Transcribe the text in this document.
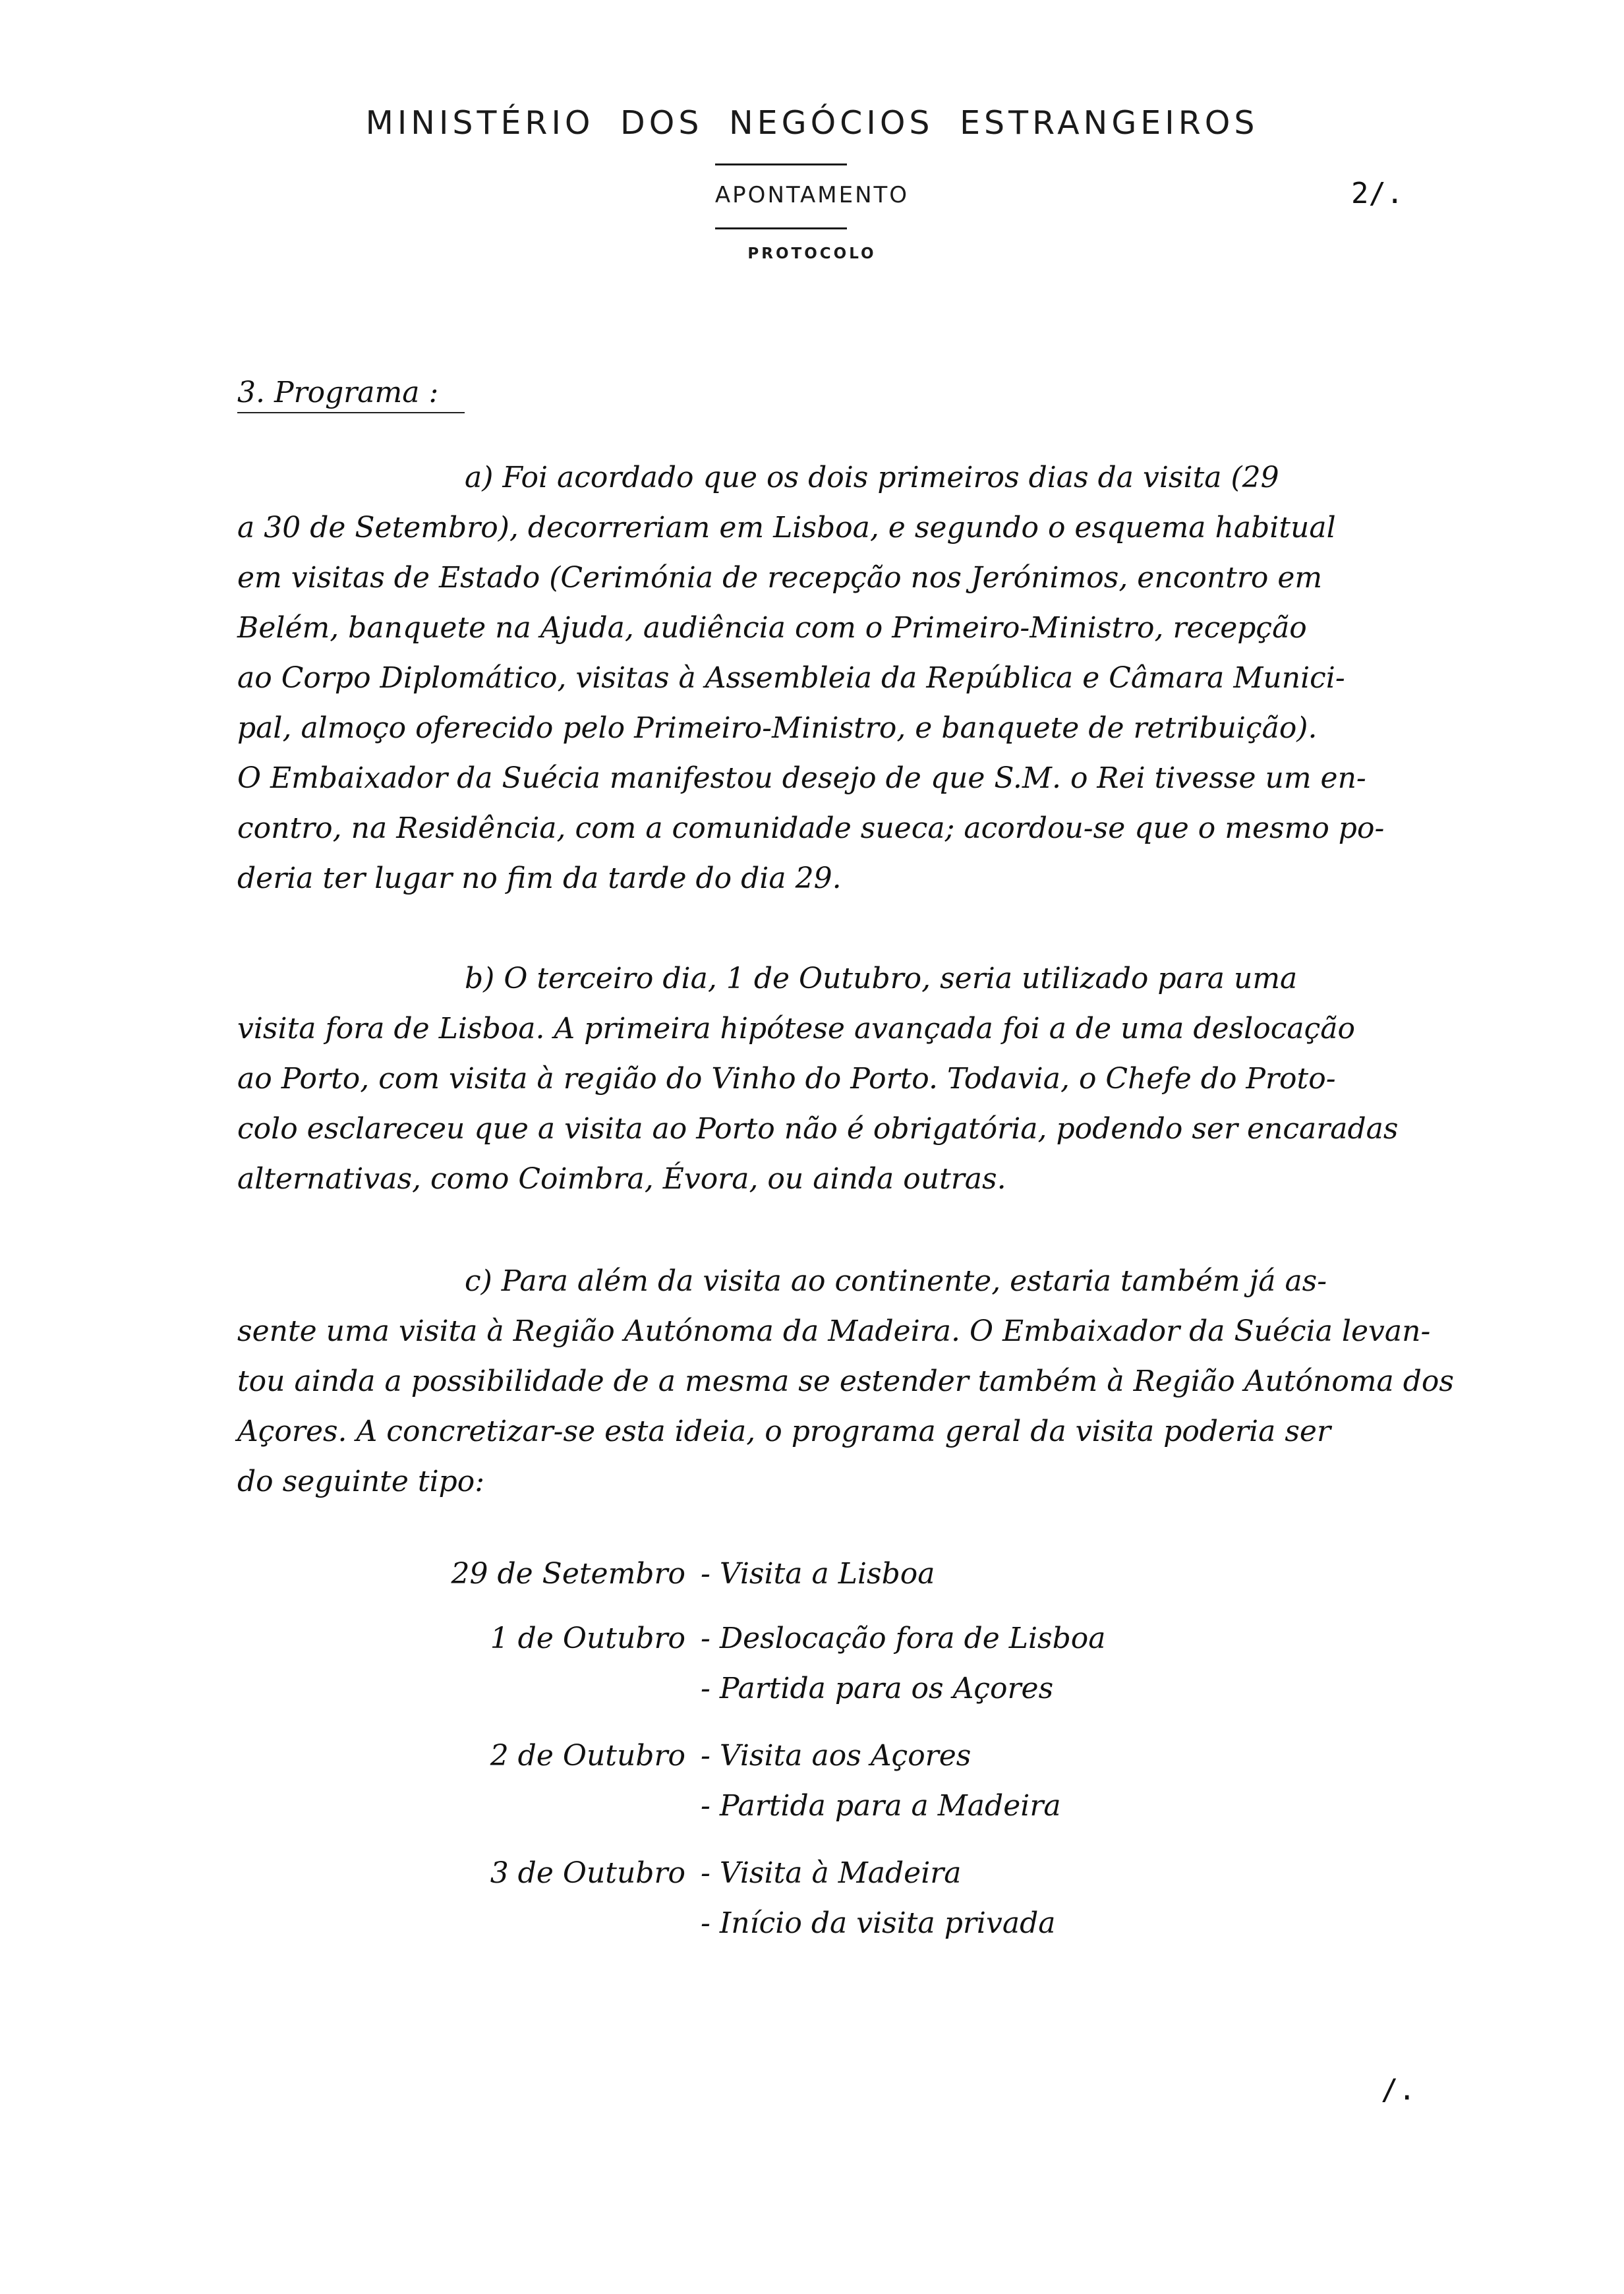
MINISTÉRIO DOS NEGÓCIOS ESTRANGEIROS
APONTAMENTO	2/.
PROTOCOLO
3. Programa :
a) Foi acordado que os dois primeiros dias da visita (29
a 30 de Setembro), decorreriam em Lisboa, e segundo o esquema habitual
em visitas de Estado (Cerimónia de recepção nos Jerónimos, encontro em
Belém, banquete na Ajuda, audiência com o Primeiro-Ministro, recepção
ao Corpo Diplomático, visitas à Assembleia da República e Câmara Munici-
pal, almoço oferecido pelo Primeiro-Ministro, e banquete de retribuição).
O Embaixador da Suécia manifestou desejo de que S.M. o Rei tivesse um en-
contro, na Residência, com a comunidade sueca; acordou-se que o mesmo po-
deria ter lugar no fim da tarde do dia 29.
b) O terceiro dia, 1 de Outubro, seria utilizado para uma
visita fora de Lisboa. A primeira hipótese avançada foi a de uma deslocação
ao Porto, com visita à região do Vinho do Porto. Todavia, o Chefe do Proto-
colo esclareceu que a visita ao Porto não é obrigatória, podendo ser encaradas
alternativas, como Coimbra, Évora, ou ainda outras.
c) Para além da visita ao continente, estaria também já as-
sente uma visita à Região Autónoma da Madeira. O Embaixador da Suécia levan-
tou ainda a possibilidade de a mesma se estender também à Região Autónoma dos
Açores. A concretizar-se esta ideia, o programa geral da visita poderia ser
do seguinte tipo:
29 de Setembro - Visita a Lisboa
1 de Outubro - Deslocação fora de Lisboa
- Partida para os Açores
2 de Outubro - Visita aos Açores
- Partida para a Madeira
3 de Outubro - Visita à Madeira
- Início da visita privada
/.
